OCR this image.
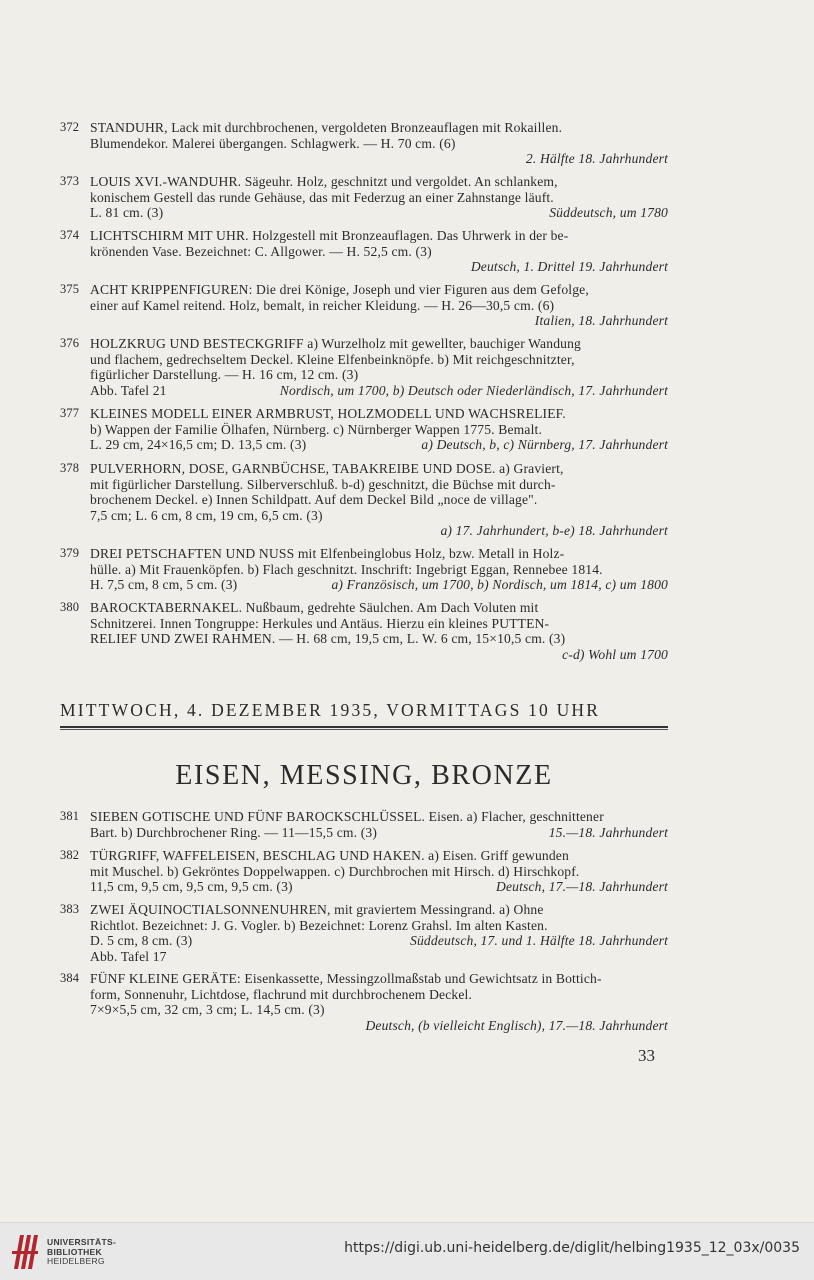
372 STANDUHR, Lack mit durchbrochenen, vergoldeten Bronzeauflagen mit Rokaillen.
Blumendekor. Malerei übergangen. Schlagwerk. — H. 70 cm. (6)
2. Hälfte 18. Jahrhundert
373 LOUIS XVI.-WANDUHR. Sägeuhr. Holz, geschnitzt und vergoldet. An schlankem,
konischem Gestell das runde Gehäuse, das mit Federzug an einer Zahnstange läuft.
L. 81 cm. (3)	Süddeutsch, um 1780
374 LICHTSCHIRM MIT UHR. Holzgestell mit Bronzeauflagen. Das Uhrwerk in der be-
krönenden Vase. Bezeichnet: C. Allgower. — H. 52,5 cm. (3)
Deutsch, 1. Drittel 19. Jahrhundert
375 ACHT KRIPPENFIGUREN: Die drei Könige, Joseph und vier Figuren aus dem Gefolge,
einer auf Kamel reitend. Holz, bemalt, in reicher Kleidung. — H. 26—30,5 cm. (6)
Italien, 18. Jahrhundert
376 HOLZKRUG UND BESTECKGRIFF a) Wurzelholz mit gewellter, bauchiger Wandung
und flachem, gedrechseltem Deckel. Kleine Elfenbeinknöpfe. b) Mit reichgeschnitzter,
figürlicher Darstellung. — H. 16 cm, 12 cm. (3)
Abb. Tafel 21	Nordisch, um 1700, b) Deutsch oder Niederländisch, 17. Jahrhundert
377 KLEINES MODELL EINER ARMBRUST, HOLZMODELL UND WACHSRELIEF.
b) Wappen der Familie Ölhafen, Nürnberg. c) Nürnberger Wappen 1775. Bemalt.
L. 29 cm, 24×16,5 cm; D. 13,5 cm. (3)	a) Deutsch, b, c) Nürnberg, 17. Jahrhundert
378 PULVERHORN, DOSE, GARNBÜCHSE, TABAKREIBE UND DOSE. a) Graviert,
mit figürlicher Darstellung. Silberverschluß. b-d) geschnitzt, die Büchse mit durch-
brochenem Deckel. e) Innen Schildpatt. Auf dem Deckel Bild „noce de village".
7,5 cm; L. 6 cm, 8 cm, 19 cm, 6,5 cm. (3)
a) 17. Jahrhundert, b-e) 18. Jahrhundert
379 DREI PETSCHAFTEN UND NUSS mit Elfenbeinglobus Holz, bzw. Metall in Holz-
hülle. a) Mit Frauenköpfen. b) Flach geschnitzt. Inschrift: Ingebrigt Eggan, Rennebee 1814.
H. 7,5 cm, 8 cm, 5 cm. (3)	a) Französisch, um 1700, b) Nordisch, um 1814, c) um 1800
380 BAROCKTABERNAKEL. Nußbaum, gedrehte Säulchen. Am Dach Voluten mit
Schnitzerei. Innen Tongruppe: Herkules und Antäus. Hierzu ein kleines PUTTEN-
RELIEF UND ZWEI RAHMEN. — H. 68 cm, 19,5 cm, L. W. 6 cm, 15×10,5 cm. (3)
c-d) Wohl um 1700
MITTWOCH, 4. DEZEMBER 1935, VORMITTAGS 10 UHR
EISEN, MESSING, BRONZE
381 SIEBEN GOTISCHE UND FÜNF BAROCKSCHLÜSSEL. Eisen. a) Flacher, geschnittener
Bart. b) Durchbrochener Ring. — 11—15,5 cm. (3)	15.—18. Jahrhundert
382 TÜRGRIFF, WAFFELEISEN, BESCHLAG UND HAKEN. a) Eisen. Griff gewunden
mit Muschel. b) Gekröntes Doppelwappen. c) Durchbrochen mit Hirsch. d) Hirschkopf.
11,5 cm, 9,5 cm, 9,5 cm, 9,5 cm. (3)	Deutsch, 17.—18. Jahrhundert
383 ZWEI ÄQUINOCTIALSONNENUHREN, mit graviertem Messingrand. a) Ohne
Richtlot. Bezeichnet: J. G. Vogler. b) Bezeichnet: Lorenz Grahsl. Im alten Kasten.
D. 5 cm, 8 cm. (3)	Süddeutsch, 17. und 1. Hälfte 18. Jahrhundert
Abb. Tafel 17
384 FÜNF KLEINE GERÄTE: Eisenkassette, Messingzollmaßstab und Gewichtsatz in Bottich-
form, Sonnenuhr, Lichtdose, flachrund mit durchbrochenem Deckel.
7×9×5,5 cm, 32 cm, 3 cm; L. 14,5 cm. (3)
Deutsch, (b vielleicht Englisch), 17.—18. Jahrhundert
33
UNIVERSITÄTS-
BIBLIOTHEK
HEIDELBERG
https://digi.ub.uni-heidelberg.de/diglit/helbing1935_12_03x/0035
